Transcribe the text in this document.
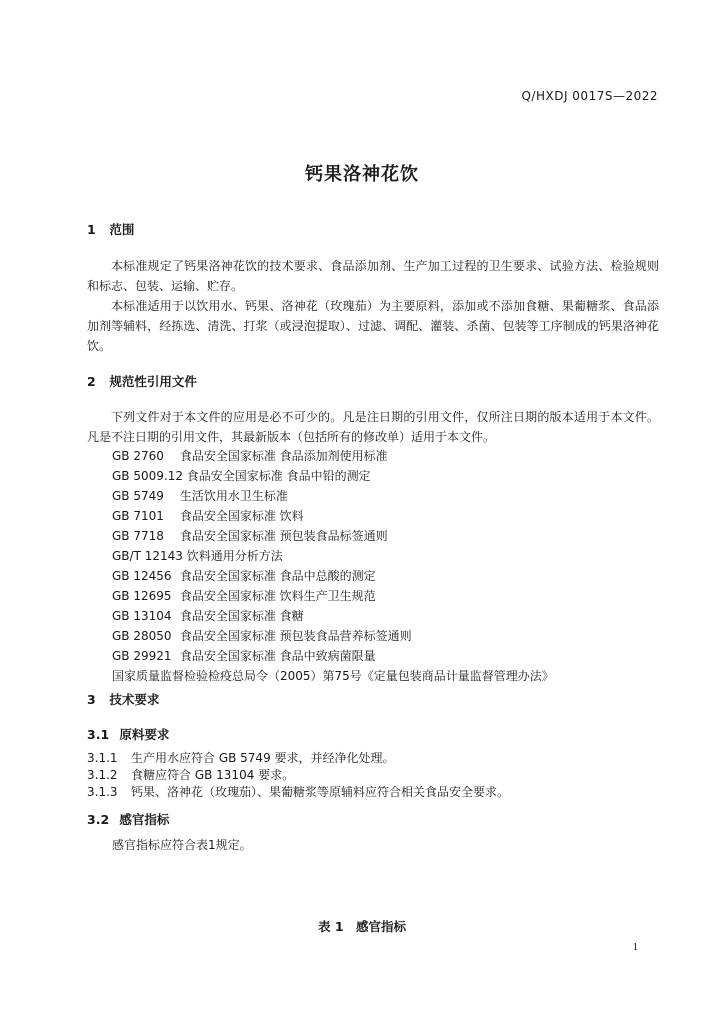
Q/HXDJ 0017S—2022
钙果洛神花饮
1 范围

本标准规定了钙果洛神花饮的技术要求、食品添加剂、生产加工过程的卫生要求、试验方法、检验规则和标志、包装、运输、贮存。

本标准适用于以饮用水、钙果、洛神花（玫瑰茄）为主要原料，添加或不添加食糖、果葡糖浆、食品添加剂等辅料，经拣选、清洗、打浆（或浸泡提取）、过滤、调配、灌装、杀菌、包装等工序制成的钙果洛神花饮。

2 规范性引用文件

下列文件对于本文件的应用是必不可少的。凡是注日期的引用文件，仅所注日期的版本适用于本文件。凡是不注日期的引用文件，其最新版本（包括所有的修改单）适用于本文件。

GB 2760 食品安全国家标准 食品添加剂使用标准
GB 5009.12 食品安全国家标准 食品中铅的测定
GB 5749 生活饮用水卫生标准
GB 7101 食品安全国家标准 饮料
GB 7718 食品安全国家标准 预包装食品标签通则
GB/T 12143 饮料通用分析方法
GB 12456 食品安全国家标准 食品中总酸的测定
GB 12695 食品安全国家标准 饮料生产卫生规范
GB 13104 食品安全国家标准 食糖
GB 28050 食品安全国家标准 预包装食品营养标签通则
GB 29921 食品安全国家标准 食品中致病菌限量
国家质量监督检验检疫总局令（2005）第75号《定量包装商品计量监督管理办法》
3 技术要求
3.1 原料要求
3.1.1 生产用水应符合 GB 5749 要求，并经净化处理。
3.1.2 食糖应符合 GB 13104 要求。
3.1.3 钙果、洛神花（玫瑰茄）、果葡糖浆等原辅料应符合相关食品安全要求。
3.2 感官指标
感官指标应符合表1规定。
表 1　感官指标
1
